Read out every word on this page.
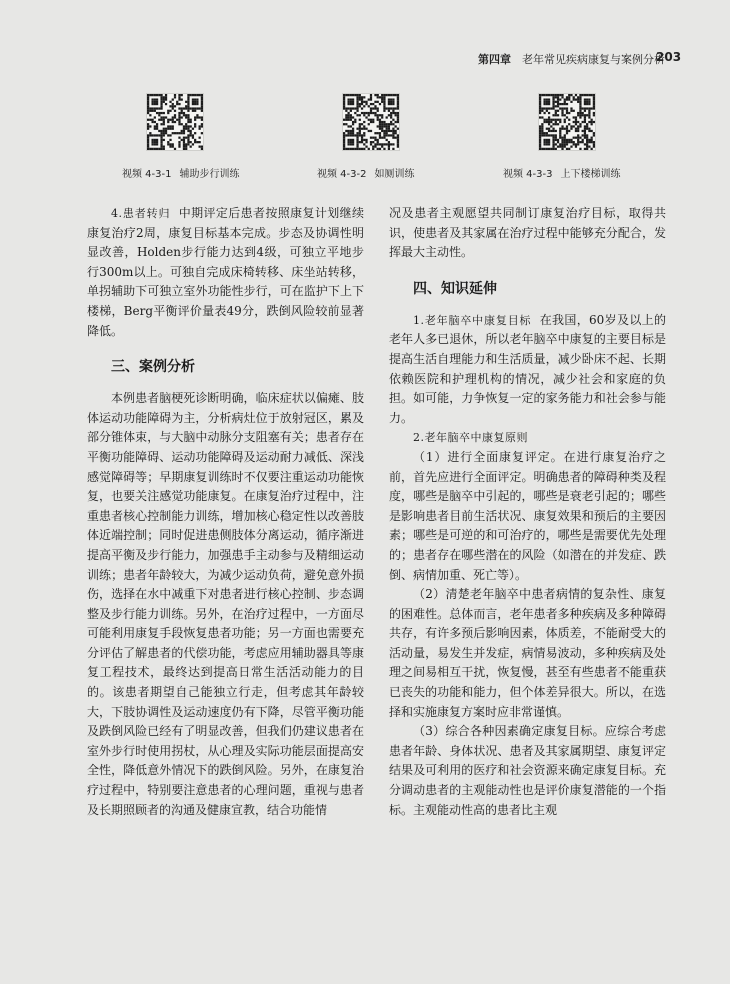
第四章 老年常见疾病康复与案例分析
203
视频 4-3-1 辅助步行训练	视频 4-3-2 如厕训练	视频 4-3-3 上下楼梯训练

4.患者转归 中期评定后患者按照康复计划继续康复治疗2周，康复目标基本完成。步态及协调性明显改善，Holden步行能力达到4级，可独立平地步行300m以上。可独自完成床椅转移、床坐站转移，单拐辅助下可独立室外功能性步行，可在监护下上下楼梯，Berg平衡评价量表49分，跌倒风险较前显著降低。

三、案例分析

本例患者脑梗死诊断明确，临床症状以偏瘫、肢体运动功能障碍为主，分析病灶位于放射冠区，累及部分锥体束，与大脑中动脉分支阻塞有关；患者存在平衡功能障碍、运动功能障碍及运动耐力减低、深浅感觉障碍等；早期康复训练时不仅要注重运动功能恢复，也要关注感觉功能康复。在康复治疗过程中，注重患者核心控制能力训练，增加核心稳定性以改善肢体近端控制；同时促进患侧肢体分离运动，循序渐进提高平衡及步行能力，加强患手主动参与及精细运动训练；患者年龄较大，为减少运动负荷，避免意外损伤，选择在水中减重下对患者进行核心控制、步态调整及步行能力训练。另外，在治疗过程中，一方面尽可能利用康复手段恢复患者功能；另一方面也需要充分评估了解患者的代偿功能，考虑应用辅助器具等康复工程技术，最终达到提高日常生活活动能力的目的。该患者期望自己能独立行走，但考虑其年龄较大，下肢协调性及运动速度仍有下降，尽管平衡功能及跌倒风险已经有了明显改善，但我们仍建议患者在室外步行时使用拐杖，从心理及实际功能层面提高安全性，降低意外情况下的跌倒风险。另外，在康复治疗过程中，特别要注意患者的心理问题，重视与患者及长期照顾者的沟通及健康宣教，结合功能情

况及患者主观愿望共同制订康复治疗目标，取得共识，使患者及其家属在治疗过程中能够充分配合，发挥最大主动性。

四、知识延伸

1.老年脑卒中康复目标 在我国，60岁及以上的老年人多已退休，所以老年脑卒中康复的主要目标是提高生活自理能力和生活质量，减少卧床不起、长期依赖医院和护理机构的情况，减少社会和家庭的负担。如可能，力争恢复一定的家务能力和社会参与能力。

2.老年脑卒中康复原则

（1）进行全面康复评定。在进行康复治疗之前，首先应进行全面评定。明确患者的障碍种类及程度，哪些是脑卒中引起的，哪些是衰老引起的；哪些是影响患者目前生活状况、康复效果和预后的主要因素；哪些是可逆的和可治疗的，哪些是需要优先处理的；患者存在哪些潜在的风险（如潜在的并发症、跌倒、病情加重、死亡等）。

（2）清楚老年脑卒中患者病情的复杂性、康复的困难性。总体而言，老年患者多种疾病及多种障碍共存，有许多预后影响因素，体质差，不能耐受大的活动量，易发生并发症，病情易波动，多种疾病及处理之间易相互干扰，恢复慢，甚至有些患者不能重获已丧失的功能和能力，但个体差异很大。所以，在选择和实施康复方案时应非常谨慎。

（3）综合各种因素确定康复目标。应综合考虑患者年龄、身体状况、患者及其家属期望、康复评定结果及可利用的医疗和社会资源来确定康复目标。充分调动患者的主观能动性也是评价康复潜能的一个指标。主观能动性高的患者比主观
